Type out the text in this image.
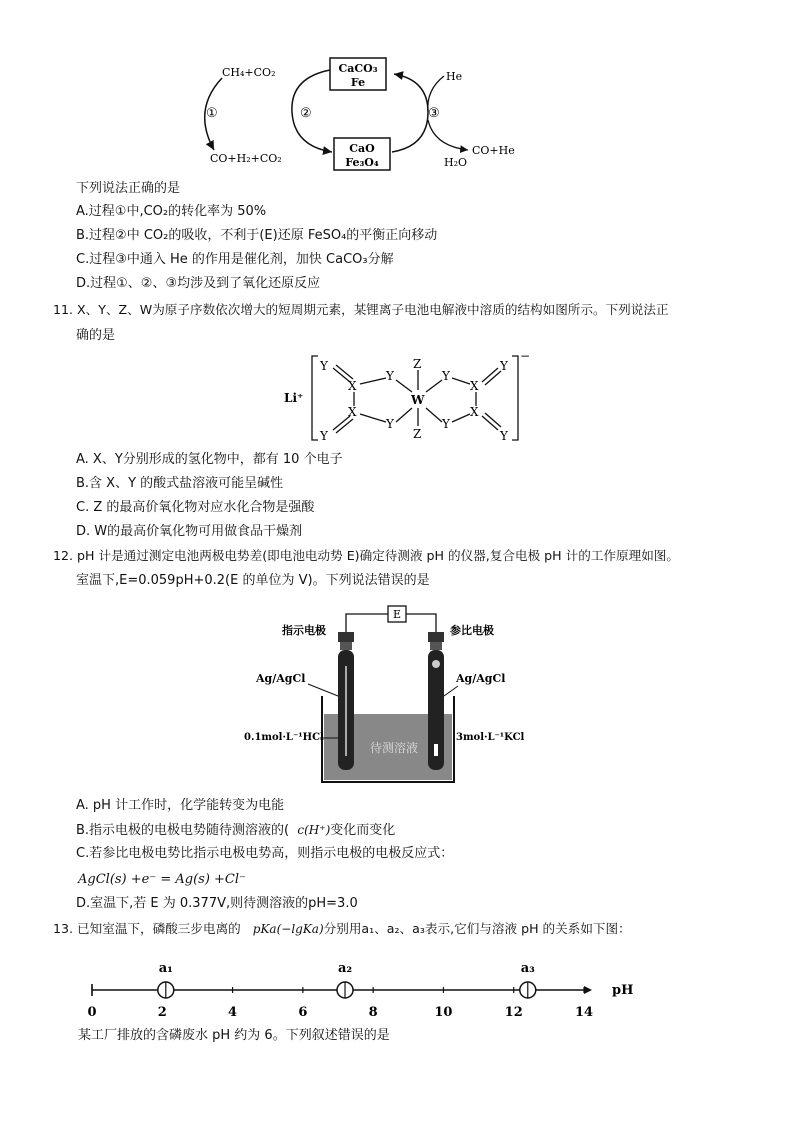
CH₄+CO₂
CO+H₂+CO₂
CaCO₃
Fe
CaO
Fe₃O₄
He
CO+He
H₂O
①	②	③
下列说法正确的是
A.过程①中,CO₂的转化率为 50%
B.过程②中 CO₂的吸收，不利于(E)还原 FeSO₄的平衡正向移动
C.过程③中通入 He 的作用是催化剂，加快 CaCO₃分解
D.过程①、②、③均涉及到了氧化还原反应
11. X、Y、Z、W为原子序数依次增大的短周期元素，某锂离子电池电解液中溶质的结构如图所示。下列说法正
确的是
Li⁺
−
Y
X
Y
Z
W
Z
X
Y
Y
Y
X
Y
Y
X
Y
A. X、Y分别形成的氢化物中，都有 10 个电子
B.含 X、Y 的酸式盐溶液可能呈碱性
C. Z 的最高价氧化物对应水化合物是强酸
D. W的最高价氧化物可用做食品干燥剂
12. pH 计是通过测定电池两极电势差(即电池电动势 E)确定待测液 pH 的仪器,复合电极 pH 计的工作原理如图。
室温下,E=0.059pH+0.2(E 的单位为 V)。下列说法错误的是
E
待测溶液
指示电极	参比电极
Ag/AgCl	Ag/AgCl
0.1mol·L⁻¹HCl	3mol·L⁻¹KCl
A. pH 计工作时，化学能转变为电能
B.指示电极的电极电势随待测溶液的( c(H⁺)变化而变化
C.若参比电极电势比指示电极电势高，则指示电极的电极反应式：
AgCl(s) +e⁻ = Ag(s) +Cl⁻
D.室温下,若 E 为 0.377V,则待测溶液的pH=3.0
13. 已知室温下，磷酸三步电离的 pKa(−lgKa)分别用a₁、a₂、a₃表示,它们与溶液 pH 的关系如下图：
pH
0	2	4	6	8	10	12	14
a₁	a₂	a₃
某工厂排放的含磷废水 pH 约为 6。下列叙述错误的是
